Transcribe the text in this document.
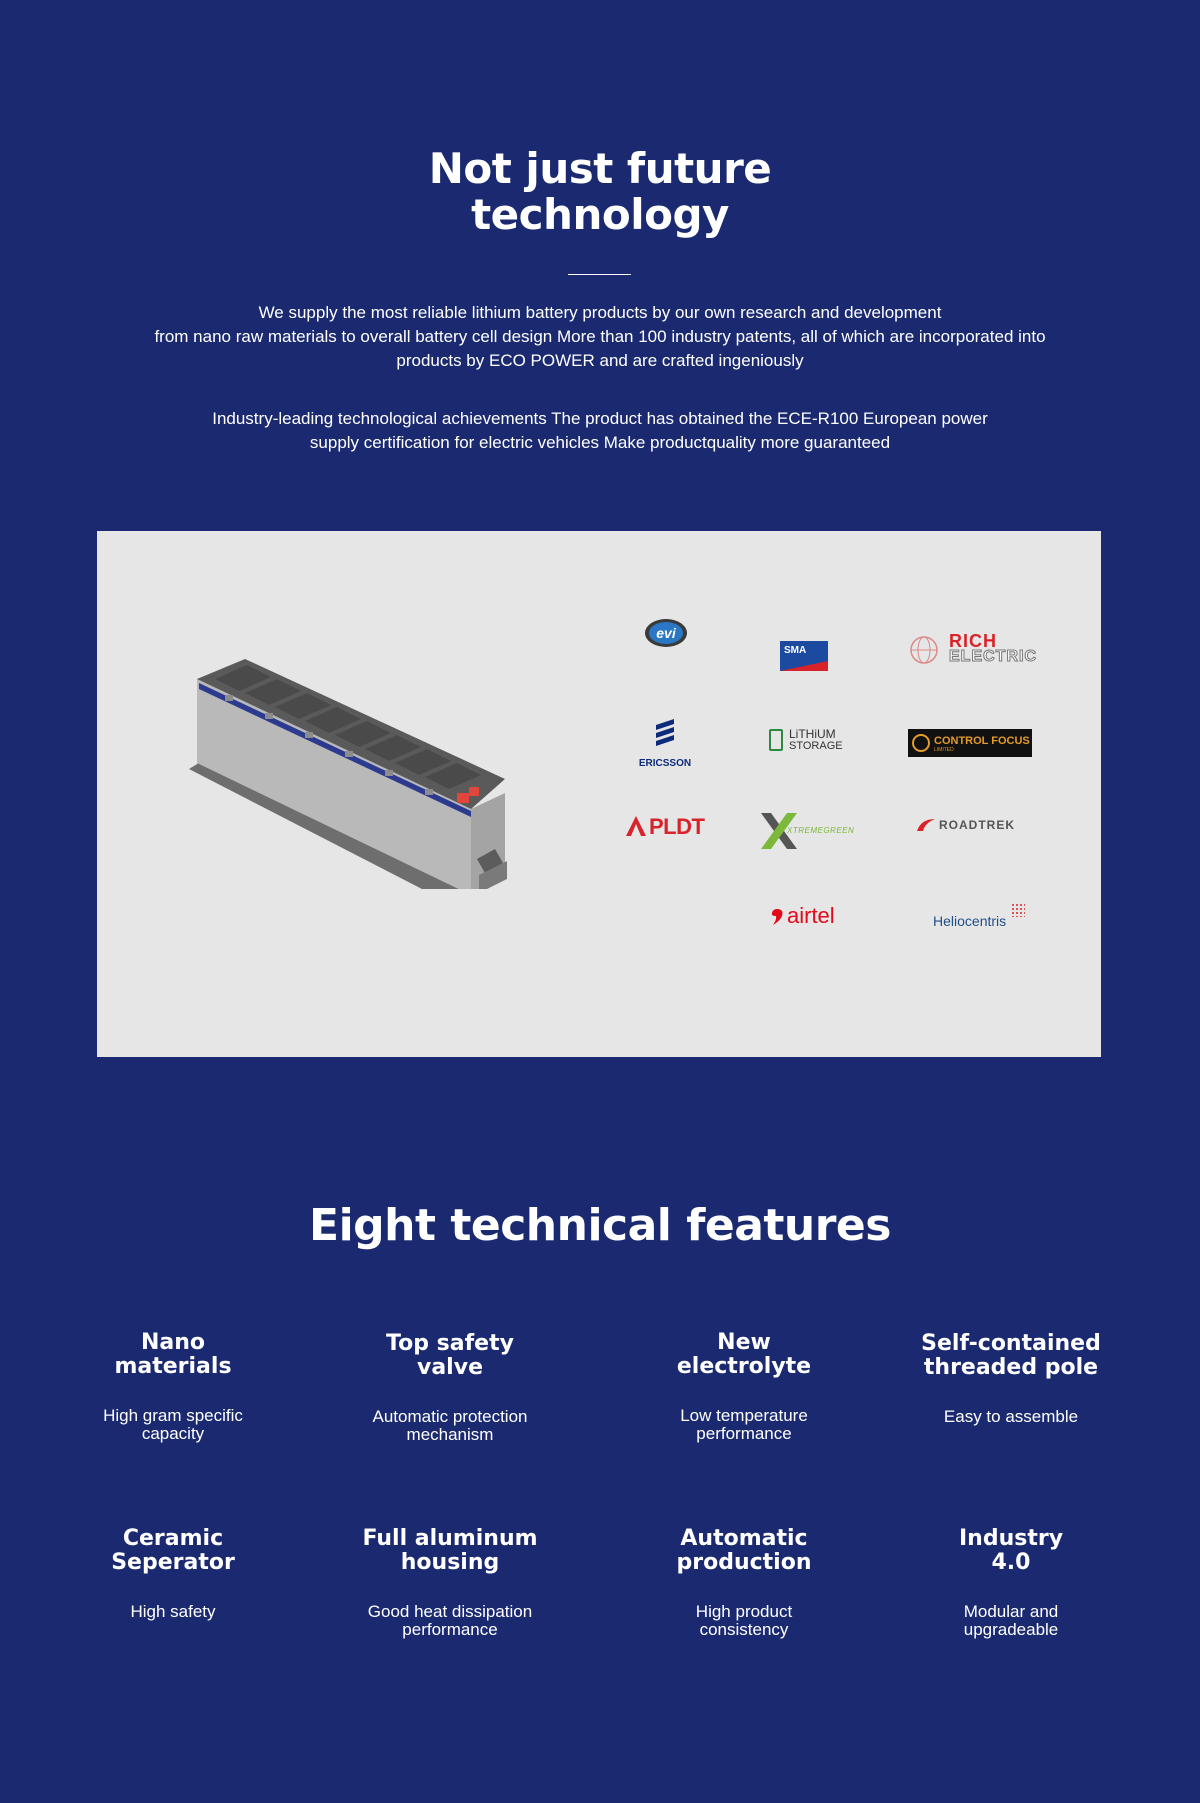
Not just future
technology

We supply the most reliable lithium battery products by our own research and development
from nano raw materials to overall battery cell design More than 100 industry patents, all of which are incorporated into
products by ECO POWER and are crafted ingeniously

Industry-leading technological achievements The product has obtained the ECE-R100 European power
supply certification for electric vehicles Make productquality more guaranteed

evi
SMA	RICH
ELECTRIC
ERICSSON
LiTHiUM
STORAGE	CONTROL FOCUS
LIMITED
PLDT	XTREMEGREEN	ROADTREK
airtel	Heliocentris
Eight technical features
Nano
materials
High gram specific
capacity
Top safety
valve
Automatic protection
mechanism
New
electrolyte
Low temperature
performance
Self-contained
threaded pole
Easy to assemble
Ceramic
Seperator
High safety
Full aluminum
housing
Good heat dissipation
performance
Automatic
production
High product
consistency
Industry
4.0
Modular and
upgradeable
